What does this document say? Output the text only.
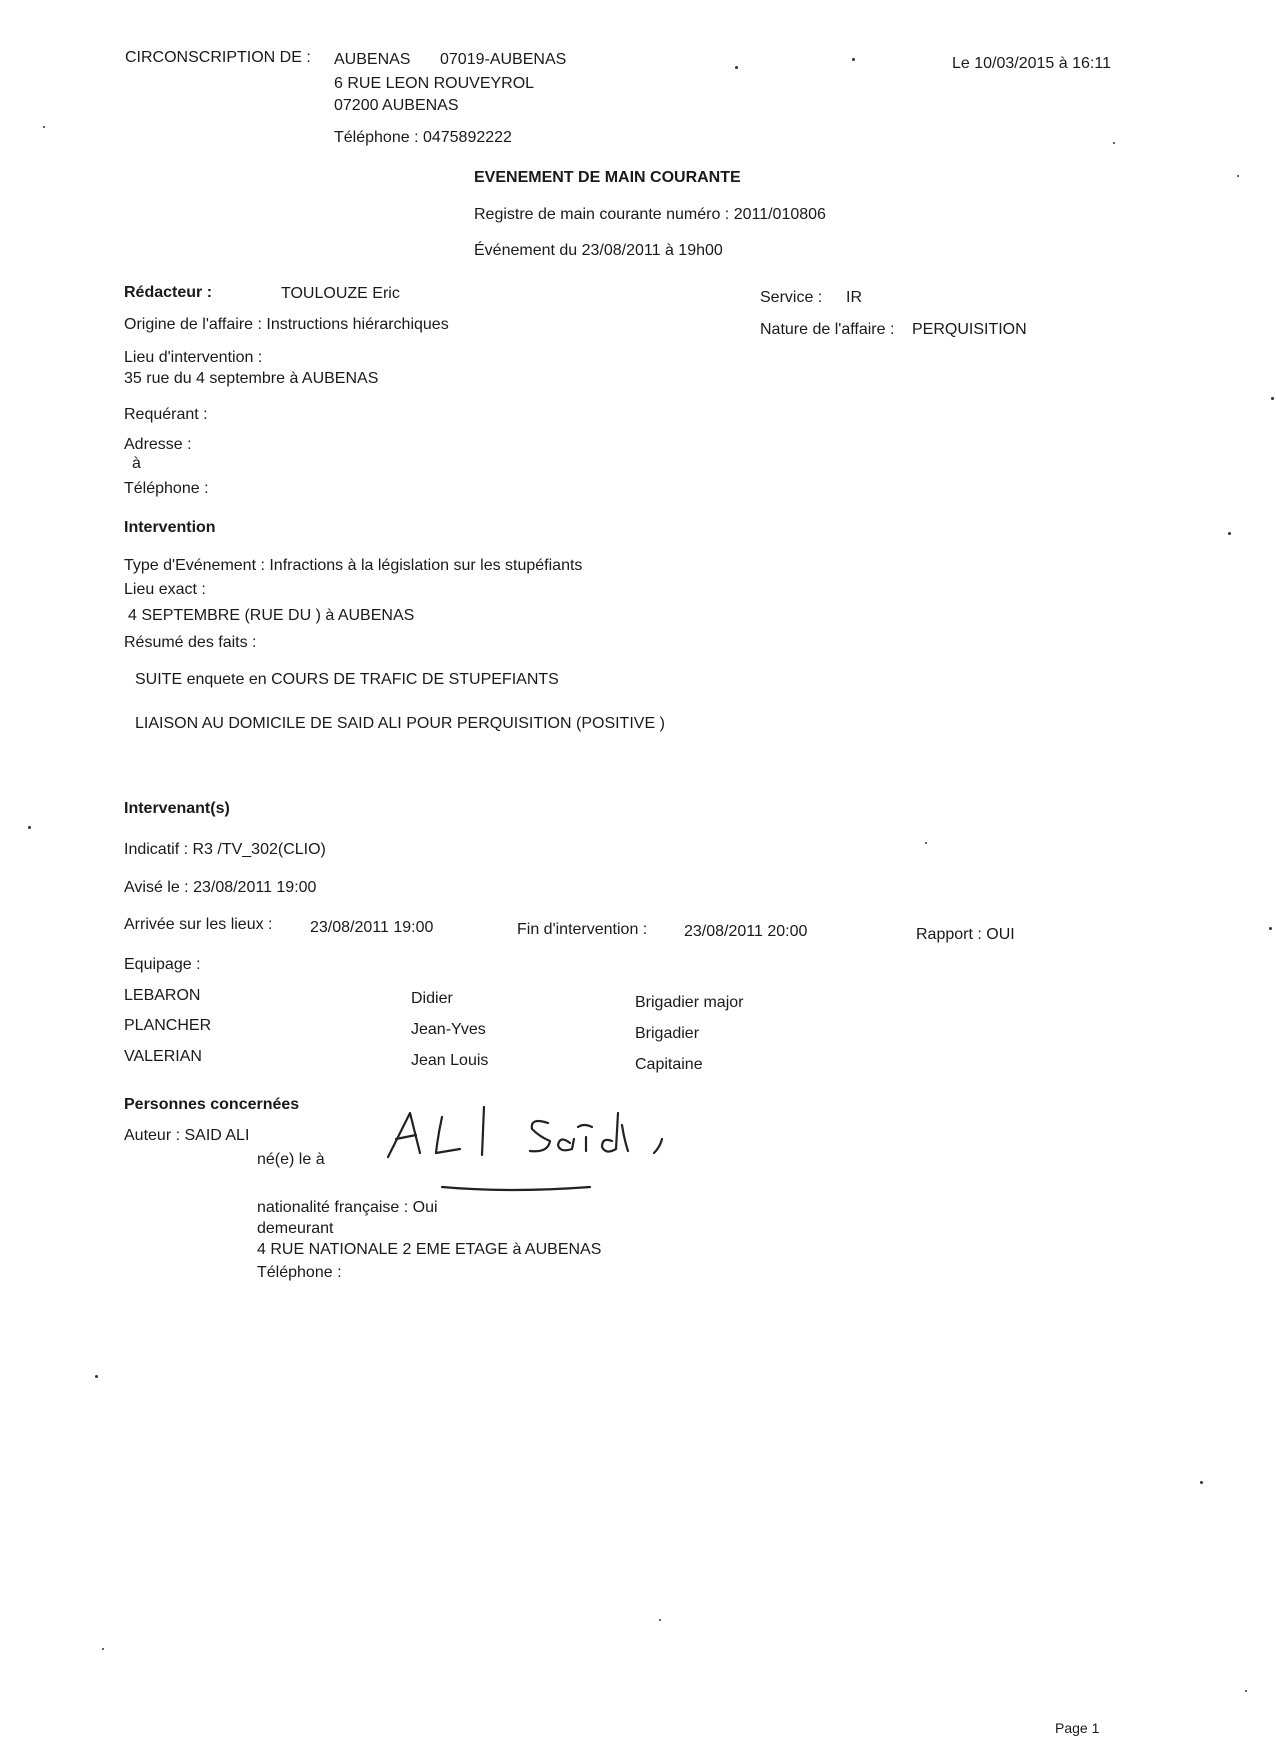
CIRCONSCRIPTION DE : AUBENAS 07019-AUBENAS
6 RUE LEON ROUVEYROL
07200 AUBENAS
Téléphone : 0475892222
Le 10/03/2015 à 16:11
EVENEMENT DE MAIN COURANTE
Registre de main courante numéro : 2011/010806
Événement du 23/08/2011 à 19h00
Rédacteur :	TOULOUZE Eric	Service : IR
Origine de l'affaire : Instructions hiérarchiques	Nature de l'affaire : PERQUISITION
Lieu d'intervention :
35 rue du 4 septembre à AUBENAS
Requérant :
Adresse :
à
Téléphone :
Intervention
Type d'Evénement : Infractions à la législation sur les stupéfiants
Lieu exact :
4 SEPTEMBRE (RUE DU ) à AUBENAS
Résumé des faits :
SUITE enquete en COURS DE TRAFIC DE STUPEFIANTS
LIAISON AU DOMICILE DE SAID ALI POUR PERQUISITION (POSITIVE )
Intervenant(s)
Indicatif : R3 /TV_302(CLIO)
Avisé le : 23/08/2011 19:00
Arrivée sur les lieux : 23/08/2011 19:00	Fin d'intervention : 23/08/2011 20:00	Rapport : OUI
Equipage :
LEBARON	Didier	Brigadier major
PLANCHER	Jean-Yves	Brigadier
VALERIAN	Jean Louis	Capitaine
Personnes concernées
Auteur : SAID ALI
né(e) le à
nationalité française : Oui
demeurant
4 RUE NATIONALE 2 EME ETAGE à AUBENAS
Téléphone :
Page 1
